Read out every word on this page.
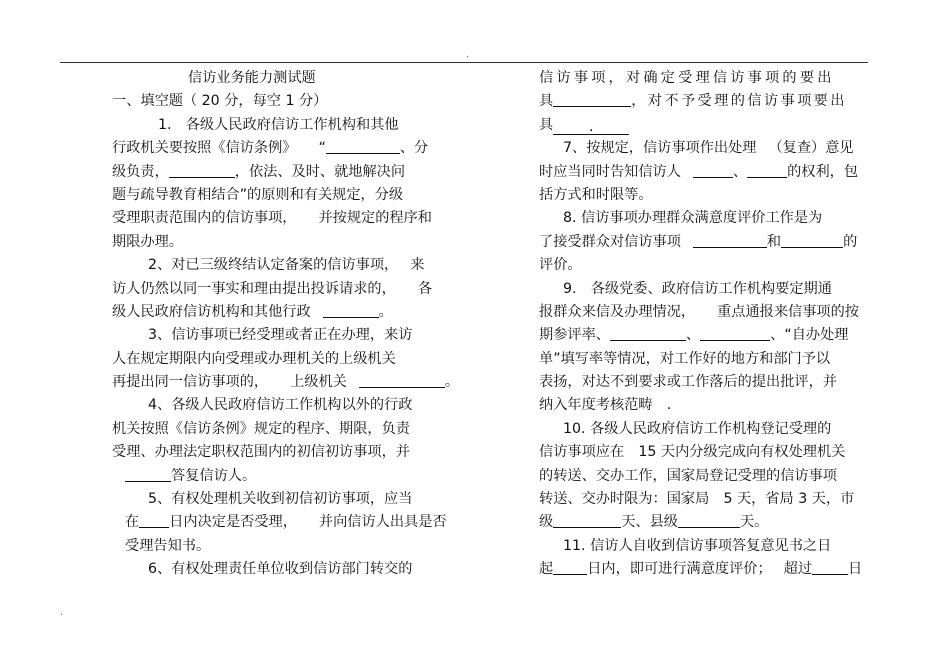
.
.
信访业务能力测试题
一、填空题（ 20 分，每空 1 分）
1.　各级人民政府信访工作机构和其他
行政机关要按照《信访条例》 “	、分
级负责，	，依法、及时、就地解决问
题与疏导教育相结合”的原则和有关规定，分级
受理职责范围内的信访事项， 并按规定的程序和
期限办理。
2、对已三级终结认定备案的信访事项， 来
访人仍然以同一事实和理由提出投诉请求的， 各
级人民政府信访机构和其他行政	。
3、信访事项已经受理或者正在办理，来访
人在规定期限内向受理或办理机关的上级机关
再提出同一信访事项的， 上级机关	。
4、各级人民政府信访工作机构以外的行政
机关按照《信访条例》规定的程序、期限，负责
受理、办理法定职权范围内的初信初访事项，并
答复信访人。
5、有权处理机关收到初信初访事项，应当
在 日内决定是否受理， 并向信访人出具是否
受理告知书。
6、有权处理责任单位收到信访部门转交的
信访事项，对确定受理信访事项的要出
具	，对不予受理的信访事项要出
具	.
7、按规定，信访事项作出处理 （复查）意见
时应当同时告知信访人	、	的权利，包
括方式和时限等。
8. 信访事项办理群众满意度评价工作是为
了接受群众对信访事项	和	的
评价。
9.　各级党委、政府信访工作机构要定期通
报群众来信及办理情况， 重点通报来信事项的按
期参评率、	、	、“自办处理
单”填写率等情况，对工作好的地方和部门予以
表扬，对达不到要求或工作落后的提出批评，并
纳入年度考核范畴　.
10. 各级人民政府信访工作机构登记受理的
信访事项应在　15 天内分级完成向有权处理机关
的转送、交办工作，国家局登记受理的信访事项
转送、交办时限为：国家局　5 天，省局 3 天，市
级	天、县级	天。
11. 信访人自收到信访事项答复意见书之日
起 日内，即可进行满意度评价； 超过	日
